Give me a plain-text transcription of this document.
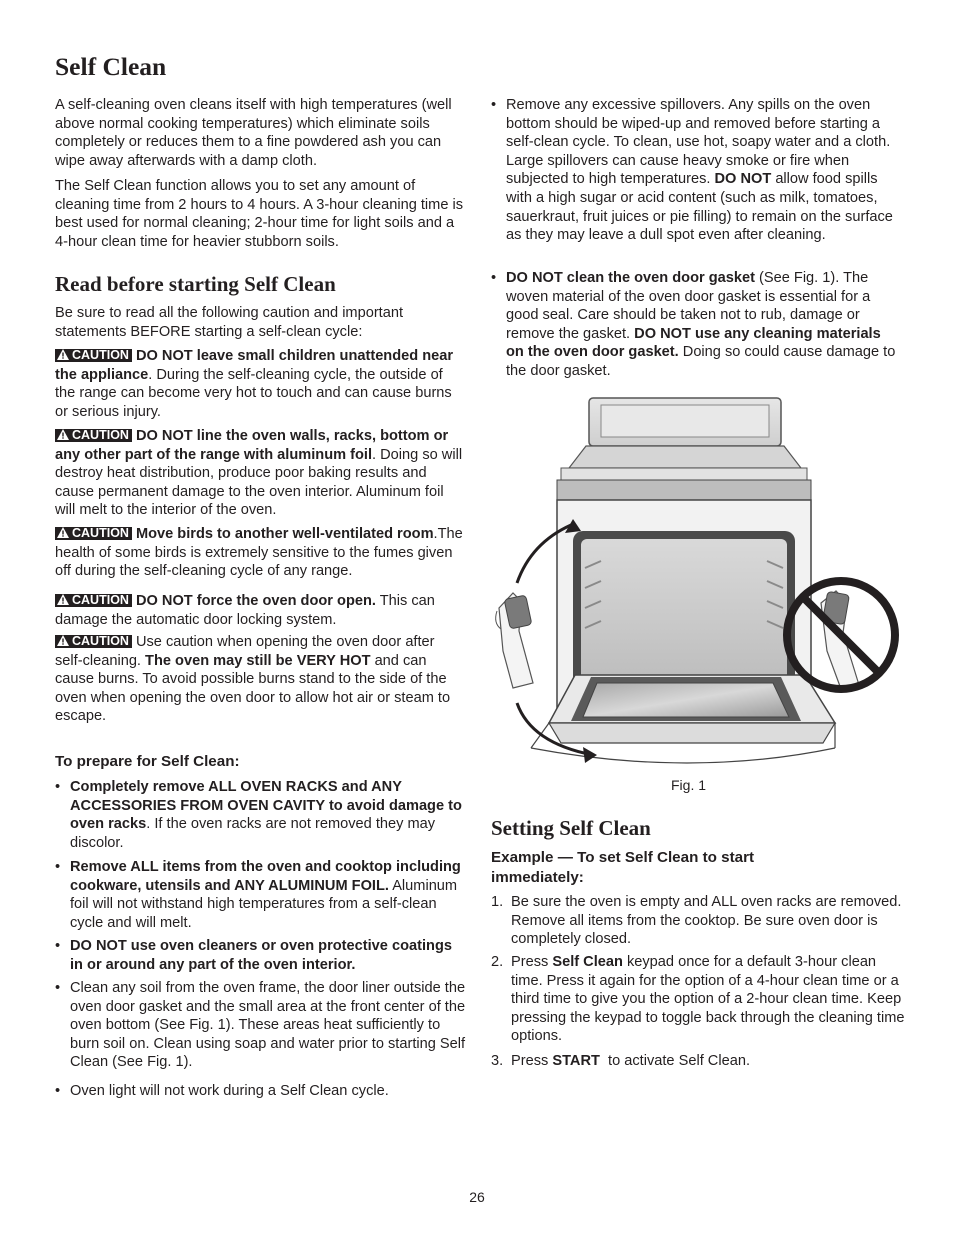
Self Clean

A self-cleaning oven cleans itself with high temperatures (well above normal cooking temperatures) which eliminate soils completely or reduces them to a fine powdered ash you can wipe away afterwards with a damp cloth.

The Self Clean function allows you to set any amount of cleaning time from 2 hours to 4 hours. A 3-hour cleaning time is best used for normal cleaning; 2-hour time for light soils and a 4-hour clean time for heavier stubborn soils.

Read before starting Self Clean

Be sure to read all the following caution and important statements BEFORE starting a self-clean cycle:

CAUTION DO NOT leave small children unattended near the appliance. During the self-cleaning cycle, the outside of the range can become very hot to touch and can cause burns or serious injury.

CAUTION DO NOT line the oven walls, racks, bottom or any other part of the range with aluminum foil. Doing so will destroy heat distribution, produce poor baking results and cause permanent damage to the oven interior. Aluminum foil will melt to the interior of the oven.

CAUTION Move birds to another well-ventilated room.The health of some birds is extremely sensitive to the fumes given off during the self-cleaning cycle of any range.

CAUTION DO NOT force the oven door open. This can damage the automatic door locking system.

CAUTION Use caution when opening the oven door after self-cleaning. The oven may still be VERY HOT and can cause burns. To avoid possible burns stand to the side of the oven when opening the oven door to allow hot air or steam to escape.

To prepare for Self Clean:

• Completely remove ALL OVEN RACKS and ANY ACCESSORIES FROM OVEN CAVITY to avoid damage to oven racks. If the oven racks are not removed they may discolor.

• Remove ALL items from the oven and cooktop including cookware, utensils and ANY ALUMINUM FOIL. Aluminum foil will not withstand high temperatures from a self-clean cycle and will melt.

• DO NOT use oven cleaners or oven protective coatings in or around any part of the oven interior.

• Clean any soil from the oven frame, the door liner outside the oven door gasket and the small area at the front center of the oven bottom (See Fig. 1). These areas heat sufficiently to burn soil on. Clean using soap and water prior to starting Self Clean (See Fig. 1).

• Oven light will not work during a Self Clean cycle.

• Remove any excessive spillovers. Any spills on the oven bottom should be wiped-up and removed before starting a self-clean cycle. To clean, use hot, soapy water and a cloth. Large spillovers can cause heavy smoke or fire when subjected to high temperatures. DO NOT allow food spills with a high sugar or acid content (such as milk, tomatoes, sauerkraut, fruit juices or pie filling) to remain on the surface as they may leave a dull spot even after cleaning.

• DO NOT clean the oven door gasket (See Fig. 1). The woven material of the oven door gasket is essential for a good seal. Care should be taken not to rub, damage or remove the gasket. DO NOT use any cleaning materials on the oven door gasket. Doing so could cause damage to the door gasket.

Fig. 1
Setting Self Clean
Example — To set Self Clean to start immediately:

1. Be sure the oven is empty and ALL oven racks are removed. Remove all items from the cooktop. Be sure oven door is completely closed.

2. Press Self Clean keypad once for a default 3-hour clean time. Press it again for the option of a 4-hour clean time or a third time to give you the option of a 2-hour clean time. Keep pressing the keypad to toggle back through the cleaning time options.

3. Press START  to activate Self Clean.

26
